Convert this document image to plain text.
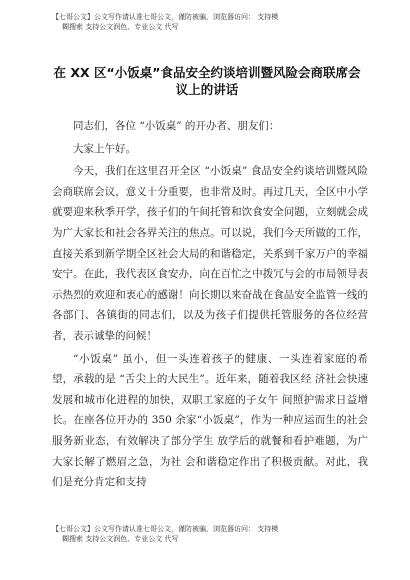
【七哥公文】公文写作请认准七哥公文，谨防被骗，浏览器访问： 支持模
糊搜索 支持公文润色、专业公文 代写
在 XX 区“小饭桌”食品安全约谈培训暨风险会商联席会议上的讲话

同志们，各位 “小饭桌” 的开办者、朋友们：

大家上午好。

今天，我们在这里召开全区 “小饭桌” 食品安全约谈培训暨风险会商联席会议，意义十分重要，也非常及时。再过几天，全区中小学就要迎来秋季开学，孩子们的午间托管和饮食安全问题，立刻就会成为广大家长和社会各界关注的焦点。可以说，我们今天所做的工作，直接关系到新学期全区社会大局的和谐稳定，关系到千家万户的幸福安宁。在此，我代表区食安办，向在百忙之中拨冗与会的市局领导表示热烈的欢迎和衷心的感谢！向长期以来奋战在食品安全监管一线的各部门、各镇街的同志们，以及为孩子们提供托管服务的各位经营者，表示诚挚的问候！

“小饭桌” 虽小，但一头连着孩子的健康、一头连着家庭的希望，承载的是 “舌尖上的大民生”。近年来，随着我区经 济社会快速发展和城市化进程的加快，双职工家庭的子女午 间照护需求日益增长。在座各位开办的 350 余家“小饭桌”，作为一种应运而生的社会服务新业态，有效解决了部分学生 放学后的就餐和看护难题，为广大家长解了燃眉之急，为社 会和谐稳定作出了积极贡献。对此，我们是充分肯定和支持

【七哥公文】公文写作请认准七哥公文，谨防被骗，浏览器访问： 支持模
糊搜索 支持公文润色、专业公文 代写
